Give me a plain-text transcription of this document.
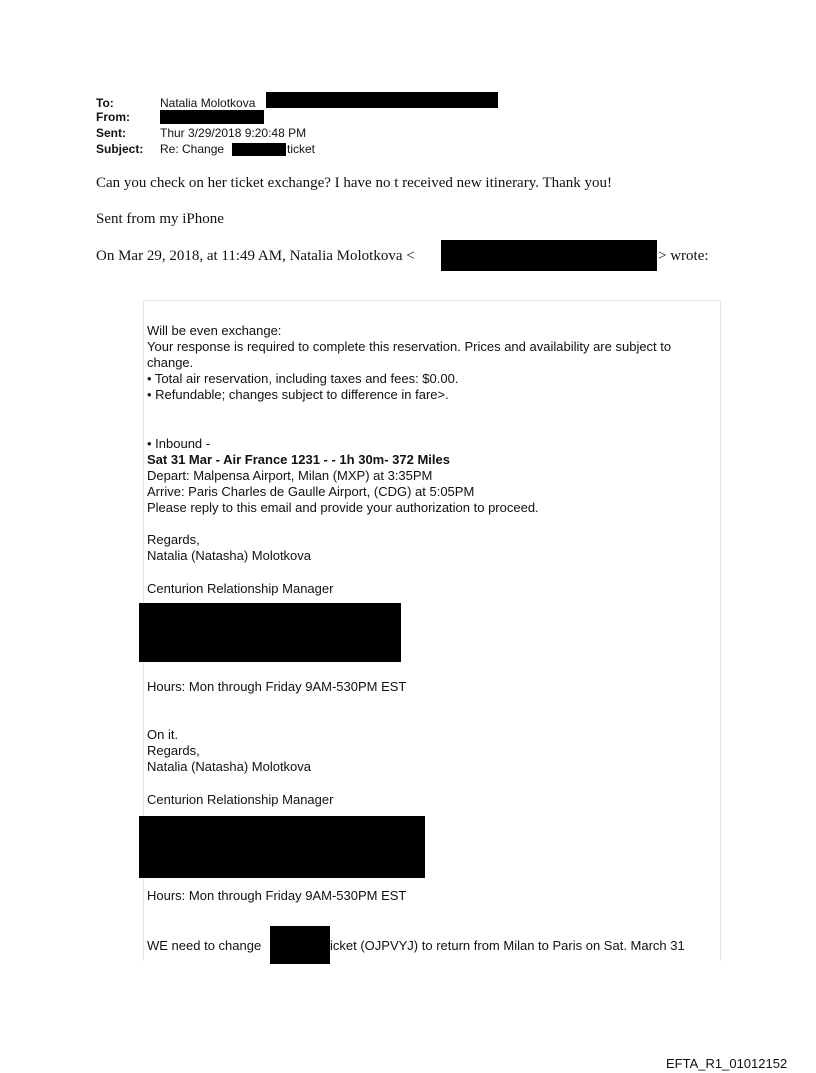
To:	Natalia Molotkova
From:
Sent:	Thur 3/29/2018 9:20:48 PM
Subject: Re: Change	ticket
Can you check on her ticket exchange? I have no t received new itinerary. Thank you!
Sent from my iPhone
On Mar 29, 2018, at 11:49 AM, Natalia Molotkova <	> wrote:
Will be even exchange:
Your response is required to complete this reservation. Prices and availability are subject to
change.
• Total air reservation, including taxes and fees: $0.00.
• Refundable; changes subject to difference in fare>.
• Inbound -
Sat 31 Mar - Air France 1231 - - 1h 30m- 372 Miles
Depart: Malpensa Airport, Milan (MXP) at 3:35PM
Arrive: Paris Charles de Gaulle Airport, (CDG) at 5:05PM
Please reply to this email and provide your authorization to proceed.
Regards,
Natalia (Natasha) Molotkova
Centurion Relationship Manager
Hours: Mon through Friday 9AM-530PM EST
On it.
Regards,
Natalia (Natasha) Molotkova
Centurion Relationship Manager
Hours: Mon through Friday 9AM-530PM EST
WE need to change	icket (OJPVYJ) to return from Milan to Paris on Sat. March 31
EFTA_R1_01012152
